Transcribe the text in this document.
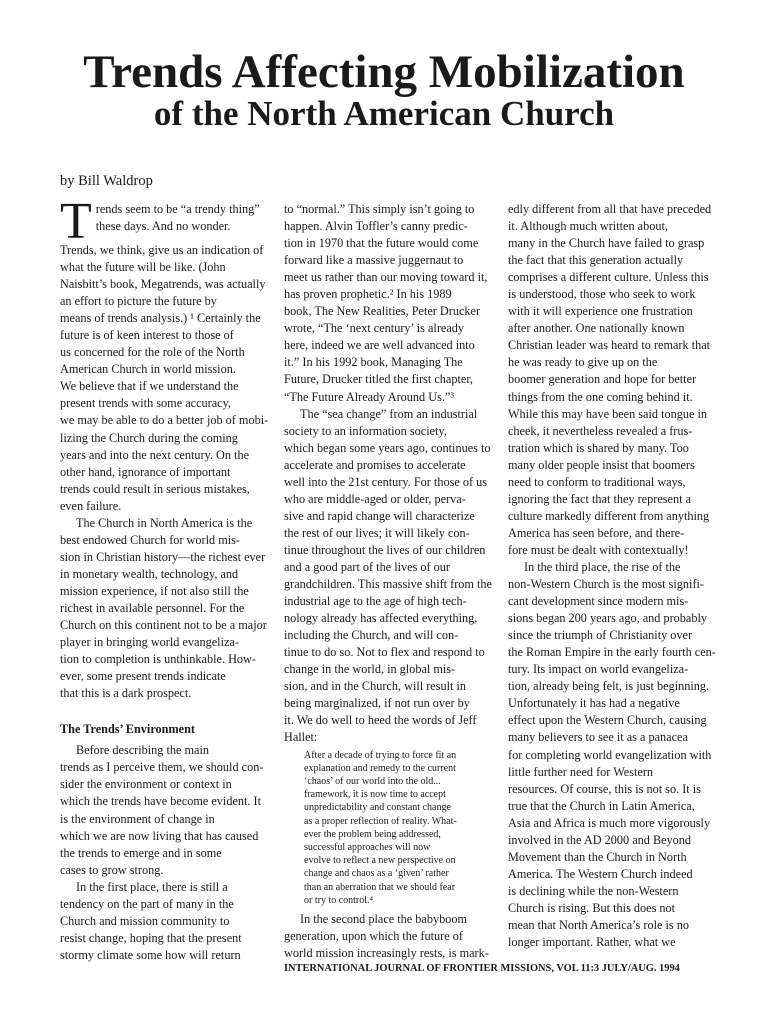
Trends Affecting Mobilization
of the North American Church
by Bill Waldrop
T rends seem to be “a trendy thing”
these days. And no wonder.
Trends, we think, give us an indication of
what the future will be like. (John
Naisbitt’s book, Megatrends, was actually
an effort to picture the future by
means of trends analysis.) ¹ Certainly the
future is of keen interest to those of
us concerned for the role of the North
American Church in world mission.
We believe that if we understand the
present trends with some accuracy,
we may be able to do a better job of mobi-
lizing the Church during the coming
years and into the next century. On the
other hand, ignorance of important
trends could result in serious mistakes,
even failure.
The Church in North America is the
best endowed Church for world mis-
sion in Christian history—the richest ever
in monetary wealth, technology, and
mission experience, if not also still the
richest in available personnel. For the
Church on this continent not to be a major
player in bringing world evangeliza-
tion to completion is unthinkable. How-
ever, some present trends indicate
that this is a dark prospect.
The Trends’ Environment
Before describing the main
trends as I perceive them, we should con-
sider the environment or context in
which the trends have become evident. It
is the environment of change in
which we are now living that has caused
the trends to emerge and in some
cases to grow strong.
In the first place, there is still a
tendency on the part of many in the
Church and mission community to
resist change, hoping that the present
stormy climate some how will return
to “normal.” This simply isn’t going to
happen. Alvin Toffler’s canny predic-
tion in 1970 that the future would come
forward like a massive juggernaut to
meet us rather than our moving toward it,
has proven prophetic.² In his 1989
book, The New Realities, Peter Drucker
wrote, “The ‘next century’ is already
here, indeed we are well advanced into
it.” In his 1992 book, Managing The
Future, Drucker titled the first chapter,
“The Future Already Around Us.”³
The “sea change” from an industrial
society to an information society,
which began some years ago, continues to
accelerate and promises to accelerate
well into the 21st century. For those of us
who are middle-aged or older, perva-
sive and rapid change will characterize
the rest of our lives; it will likely con-
tinue throughout the lives of our children
and a good part of the lives of our
grandchildren. This massive shift from the
industrial age to the age of high tech-
nology already has affected everything,
including the Church, and will con-
tinue to do so. Not to flex and respond to
change in the world, in global mis-
sion, and in the Church, will result in
being marginalized, if not run over by
it. We do well to heed the words of Jeff
Hallet:
After a decade of trying to force fit an
explanation and remedy to the current
‘chaos’ of our world into the old...
framework, it is now time to accept
unpredictability and constant change
as a proper reflection of reality. What-
ever the problem being addressed,
successful approaches will now
evolve to reflect a new perspective on
change and chaos as a ‘given’ rather
than an aberration that we should fear
or try to control.⁴
In the second place the babyboom
generation, upon which the future of
world mission increasingly rests, is mark-
edly different from all that have preceded
it. Although much written about,
many in the Church have failed to grasp
the fact that this generation actually
comprises a different culture. Unless this
is understood, those who seek to work
with it will experience one frustration
after another. One nationally known
Christian leader was heard to remark that
he was ready to give up on the
boomer generation and hope for better
things from the one coming behind it.
While this may have been said tongue in
cheek, it nevertheless revealed a frus-
tration which is shared by many. Too
many older people insist that boomers
need to conform to traditional ways,
ignoring the fact that they represent a
culture markedly different from anything
America has seen before, and there-
fore must be dealt with contextually!
In the third place, the rise of the
non-Western Church is the most signifi-
cant development since modern mis-
sions began 200 years ago, and probably
since the triumph of Christianity over
the Roman Empire in the early fourth cen-
tury. Its impact on world evangeliza-
tion, already being felt, is just beginning.
Unfortunately it has had a negative
effect upon the Western Church, causing
many believers to see it as a panacea
for completing world evangelization with
little further need for Western
resources. Of course, this is not so. It is
true that the Church in Latin America,
Asia and Africa is much more vigorously
involved in the AD 2000 and Beyond
Movement than the Church in North
America. The Western Church indeed
is declining while the non-Western
Church is rising. But this does not
mean that North America’s role is no
longer important. Rather, what we
INTERNATIONAL JOURNAL OF FRONTIER MISSIONS, VOL 11:3 JULY/AUG. 1994
